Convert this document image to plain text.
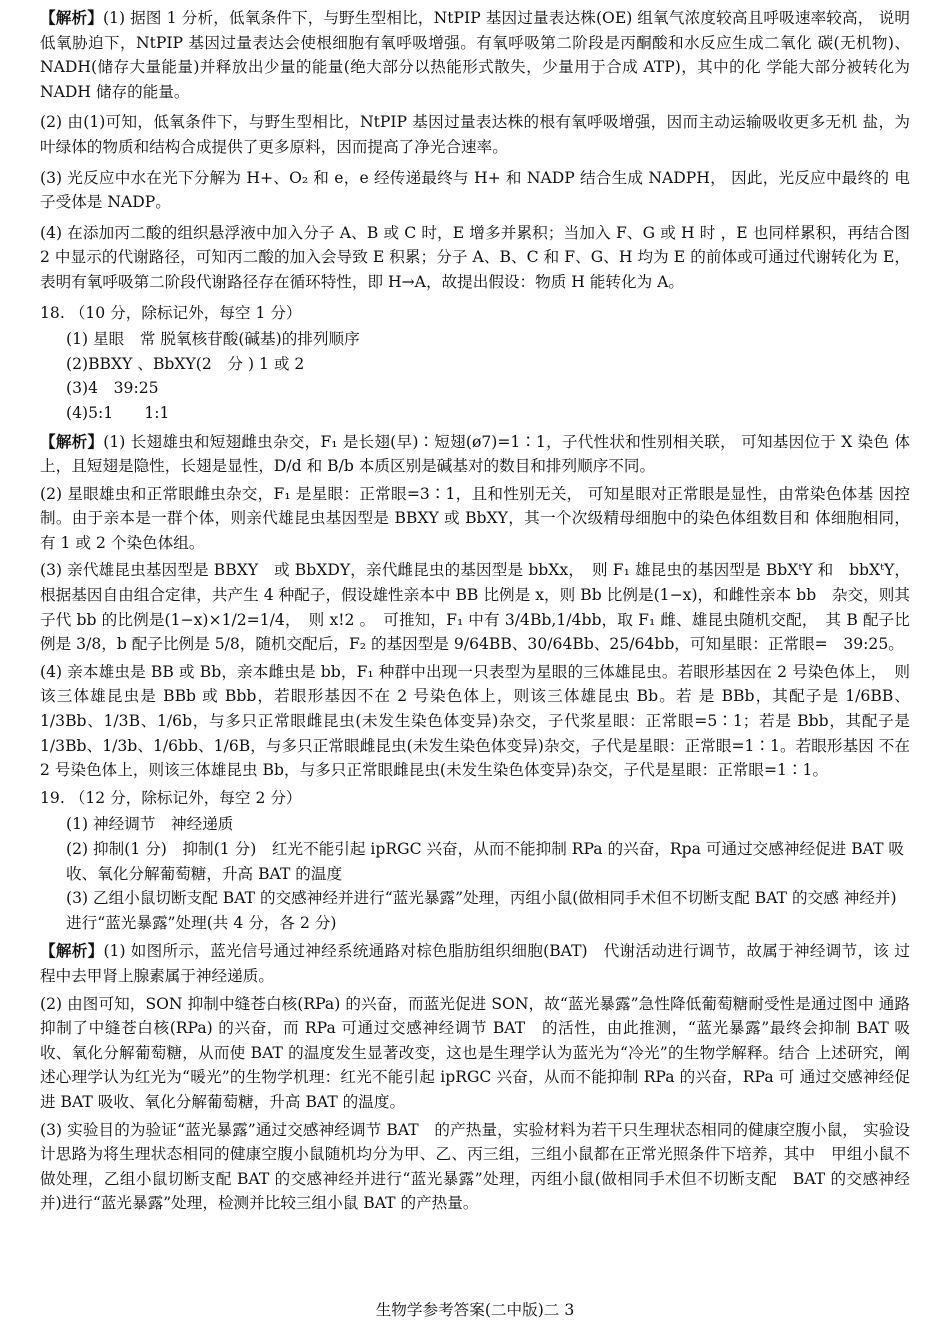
【解析】(1) 据图 1 分析，低氧条件下，与野生型相比，NtPIP 基因过量表达株(OE) 组氧气浓度较高且呼吸速率较高， 说明低氧胁迫下，NtPIP 基因过量表达会使根细胞有氧呼吸增强。有氧呼吸第二阶段是丙酮酸和水反应生成二氧化 碳(无机物)、NADH(储存大量能量)并释放出少量的能量(绝大部分以热能形式散失，少量用于合成 ATP)，其中的化 学能大部分被转化为 NADH 储存的能量。

(2) 由(1)可知，低氧条件下，与野生型相比，NtPIP 基因过量表达株的根有氧呼吸增强，因而主动运输吸收更多无机 盐，为叶绿体的物质和结构合成提供了更多原料，因而提高了净光合速率。

(3) 光反应中水在光下分解为 H+、O₂ 和 e，e 经传递最终与 H+ 和 NADP 结合生成 NADPH， 因此，光反应中最终的 电子受体是 NADP。

(4) 在添加丙二酸的组织悬浮液中加入分子 A、B 或 C 时，E 增多并累积；当加入 F、G 或 H 时 ，E 也同样累积，再结合图 2 中显示的代谢路径，可知丙二酸的加入会导致 E 积累；分子 A、B、C 和 F、G、H 均为 E 的前体或可通过代谢转化为 E，表明有氧呼吸第二阶段代谢路径存在循环特性，即 H→A，故提出假设：物质 H 能转化为 A。

18. （10 分，除标记外，每空 1 分）
(1) 星眼　常 脱氧核苷酸(碱基)的排列顺序
(2)BBXY 、BbXY(2　分 ) 1 或 2
(3)4　39:25
(4)5:1　　1:1

【解析】(1) 长翅雄虫和短翅雌虫杂交，F₁ 是长翅(早)∶短翅(ø7)=1∶1，子代性状和性别相关联， 可知基因位于 X 染色 体上，且短翅是隐性，长翅是显性，D/d 和 B/b 本质区别是碱基对的数目和排列顺序不同。

(2) 星眼雄虫和正常眼雌虫杂交，F₁ 是星眼：正常眼=3∶1，且和性别无关， 可知星眼对正常眼是显性，由常染色体基 因控制。由于亲本是一群个体，则亲代雄昆虫基因型是 BBXY 或 BbXY，其一个次级精母细胞中的染色体组数目和 体细胞相同，有 1 或 2 个染色体组。

(3) 亲代雄昆虫基因型是 BBXY　或 BbXDY，亲代雌昆虫的基因型是 bbXx，　则 F₁ 雄昆虫的基因型是 BbXᵗY 和　bbXᵗY，根据基因自由组合定律，共产生 4 种配子，假设雄性亲本中 BB 比例是 x，则 Bb 比例是(1−x)，和雌性亲本 bb　杂交，则其子代 bb 的比例是(1−x)×1/2=1/4，　则 x!2 。　可推知，F₁ 中有 3/4Bb,1/4bb，取 F₁ 雌、雄昆虫随机交配，　其 B 配子比例是 3/8，b 配子比例是 5/8，随机交配后，F₂ 的基因型是 9/64BB、30/64Bb、25/64bb，可知星眼：正常眼=　39:25。

(4) 亲本雄虫是 BB 或 Bb，亲本雌虫是 bb，F₁ 种群中出现一只表型为星眼的三体雄昆虫。若眼形基因在 2 号染色体上，　则该三体雄昆虫是 BBb 或 Bbb，若眼形基因不在 2 号染色体上，则该三体雄昆虫 Bb。若 是 BBb，其配子是 1/6BB、 1/3Bb、1/3B、1/6b，与多只正常眼雌昆虫(未发生染色体变异)杂交，子代浆星眼：正常眼=5∶1；若是 Bbb，其配子是　1/3Bb、1/3b、1/6bb、1/6B，与多只正常眼雌昆虫(未发生染色体变异)杂交，子代是星眼：正常眼=1∶1。若眼形基因 不在 2 号染色体上，则该三体雄昆虫 Bb，与多只正常眼雌昆虫(未发生染色体变异)杂交，子代是星眼：正常眼=1∶1。

19. （12 分，除标记外，每空 2 分）
(1) 神经调节　神经递质
(2) 抑制(1 分)　抑制(1 分)　红光不能引起 ipRGC 兴奋，从而不能抑制 RPa 的兴奋，Rpa 可通过交感神经促进 BAT 吸收、氧化分解葡萄糖，升高 BAT 的温度
(3) 乙组小鼠切断支配 BAT 的交感神经并进行“蓝光暴露”处理，丙组小鼠(做相同手术但不切断支配 BAT 的交感 神经并)进行“蓝光暴露”处理(共 4 分，各 2 分)

【解析】(1) 如图所示，蓝光信号通过神经系统通路对棕色脂肪组织细胞(BAT)　代谢活动进行调节，故属于神经调节，该 过程中去甲肾上腺素属于神经递质。

(2) 由图可知，SON 抑制中缝苍白核(RPa) 的兴奋，而蓝光促进 SON，故“蓝光暴露”急性降低葡萄糖耐受性是通过图中 通路抑制了中缝苍白核(RPa) 的兴奋，而 RPa 可通过交感神经调节 BAT　的活性，由此推测，“蓝光暴露”最终会抑制 BAT 吸收、氧化分解葡萄糖，从而使 BAT 的温度发生显著改变，这也是生理学认为蓝光为“冷光”的生物学解释。结合 上述研究，阐述心理学认为红光为“暖光”的生物学机理：红光不能引起 ipRGC 兴奋，从而不能抑制 RPa 的兴奋，RPa 可 通过交感神经促进 BAT 吸收、氧化分解葡萄糖，升高 BAT 的温度。

(3) 实验目的为验证“蓝光暴露”通过交感神经调节 BAT　的产热量，实验材料为若干只生理状态相同的健康空腹小鼠， 实验设计思路为将生理状态相同的健康空腹小鼠随机均分为甲、乙、丙三组，三组小鼠都在正常光照条件下培养，其中　甲组小鼠不做处理，乙组小鼠切断支配 BAT 的交感神经并进行“蓝光暴露”处理，丙组小鼠(做相同手术但不切断支配　BAT 的交感神经并)进行“蓝光暴露”处理，检测并比较三组小鼠 BAT 的产热量。

生物学参考答案(二中版)二 3
